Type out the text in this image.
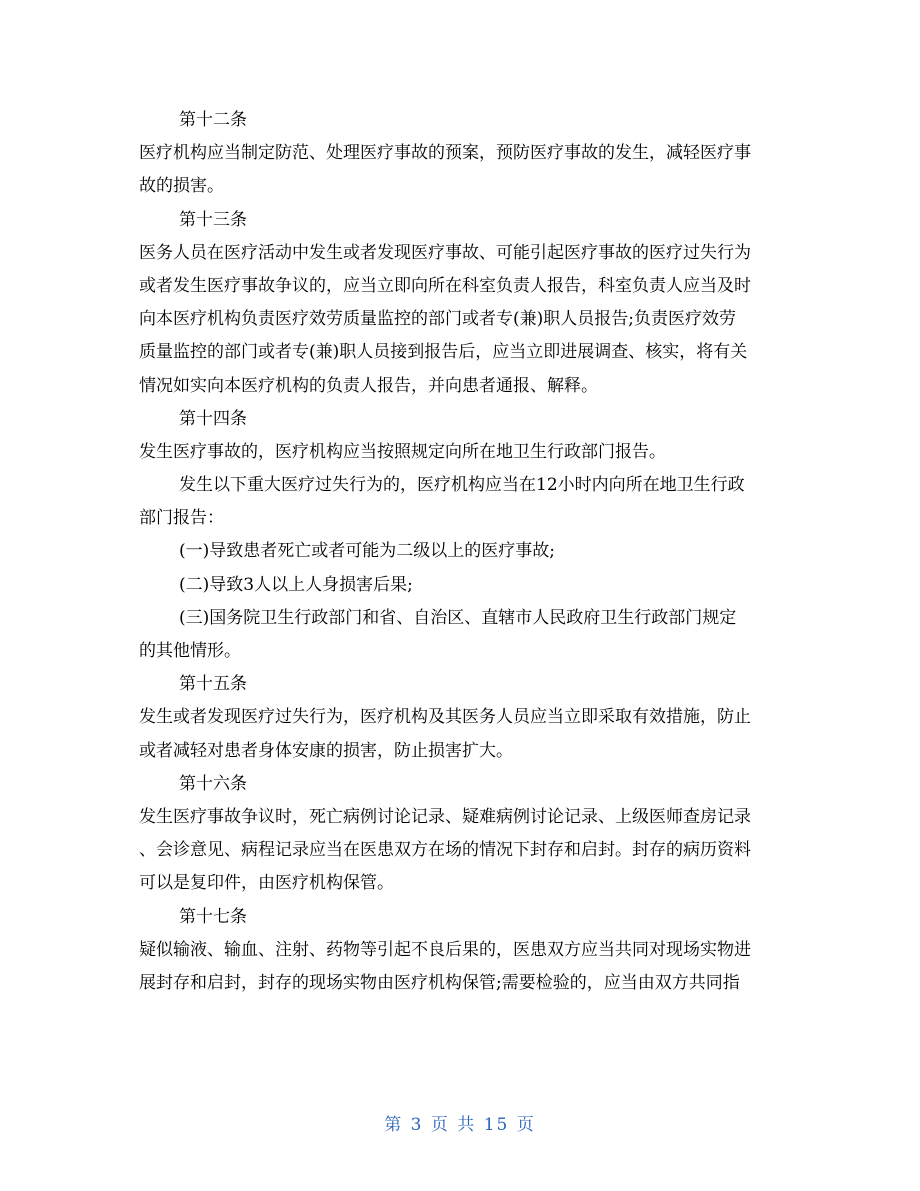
第十二条
医疗机构应当制定防范、处理医疗事故的预案，预防医疗事故的发生，减轻医疗事
故的损害。
第十三条
医务人员在医疗活动中发生或者发现医疗事故、可能引起医疗事故的医疗过失行为
或者发生医疗事故争议的，应当立即向所在科室负责人报告，科室负责人应当及时
向本医疗机构负责医疗效劳质量监控的部门或者专(兼)职人员报告;负责医疗效劳
质量监控的部门或者专(兼)职人员接到报告后，应当立即进展调查、核实，将有关
情况如实向本医疗机构的负责人报告，并向患者通报、解释。
第十四条
发生医疗事故的，医疗机构应当按照规定向所在地卫生行政部门报告。
发生以下重大医疗过失行为的，医疗机构应当在12小时内向所在地卫生行政
部门报告：
(一)导致患者死亡或者可能为二级以上的医疗事故;
(二)导致3人以上人身损害后果;
(三)国务院卫生行政部门和省、自治区、直辖市人民政府卫生行政部门规定
的其他情形。
第十五条
发生或者发现医疗过失行为，医疗机构及其医务人员应当立即采取有效措施，防止
或者减轻对患者身体安康的损害，防止损害扩大。
第十六条
发生医疗事故争议时，死亡病例讨论记录、疑难病例讨论记录、上级医师查房记录
、会诊意见、病程记录应当在医患双方在场的情况下封存和启封。封存的病历资料
可以是复印件，由医疗机构保管。
第十七条
疑似输液、输血、注射、药物等引起不良后果的，医患双方应当共同对现场实物进
展封存和启封，封存的现场实物由医疗机构保管;需要检验的，应当由双方共同指
第 3 页 共 15 页
